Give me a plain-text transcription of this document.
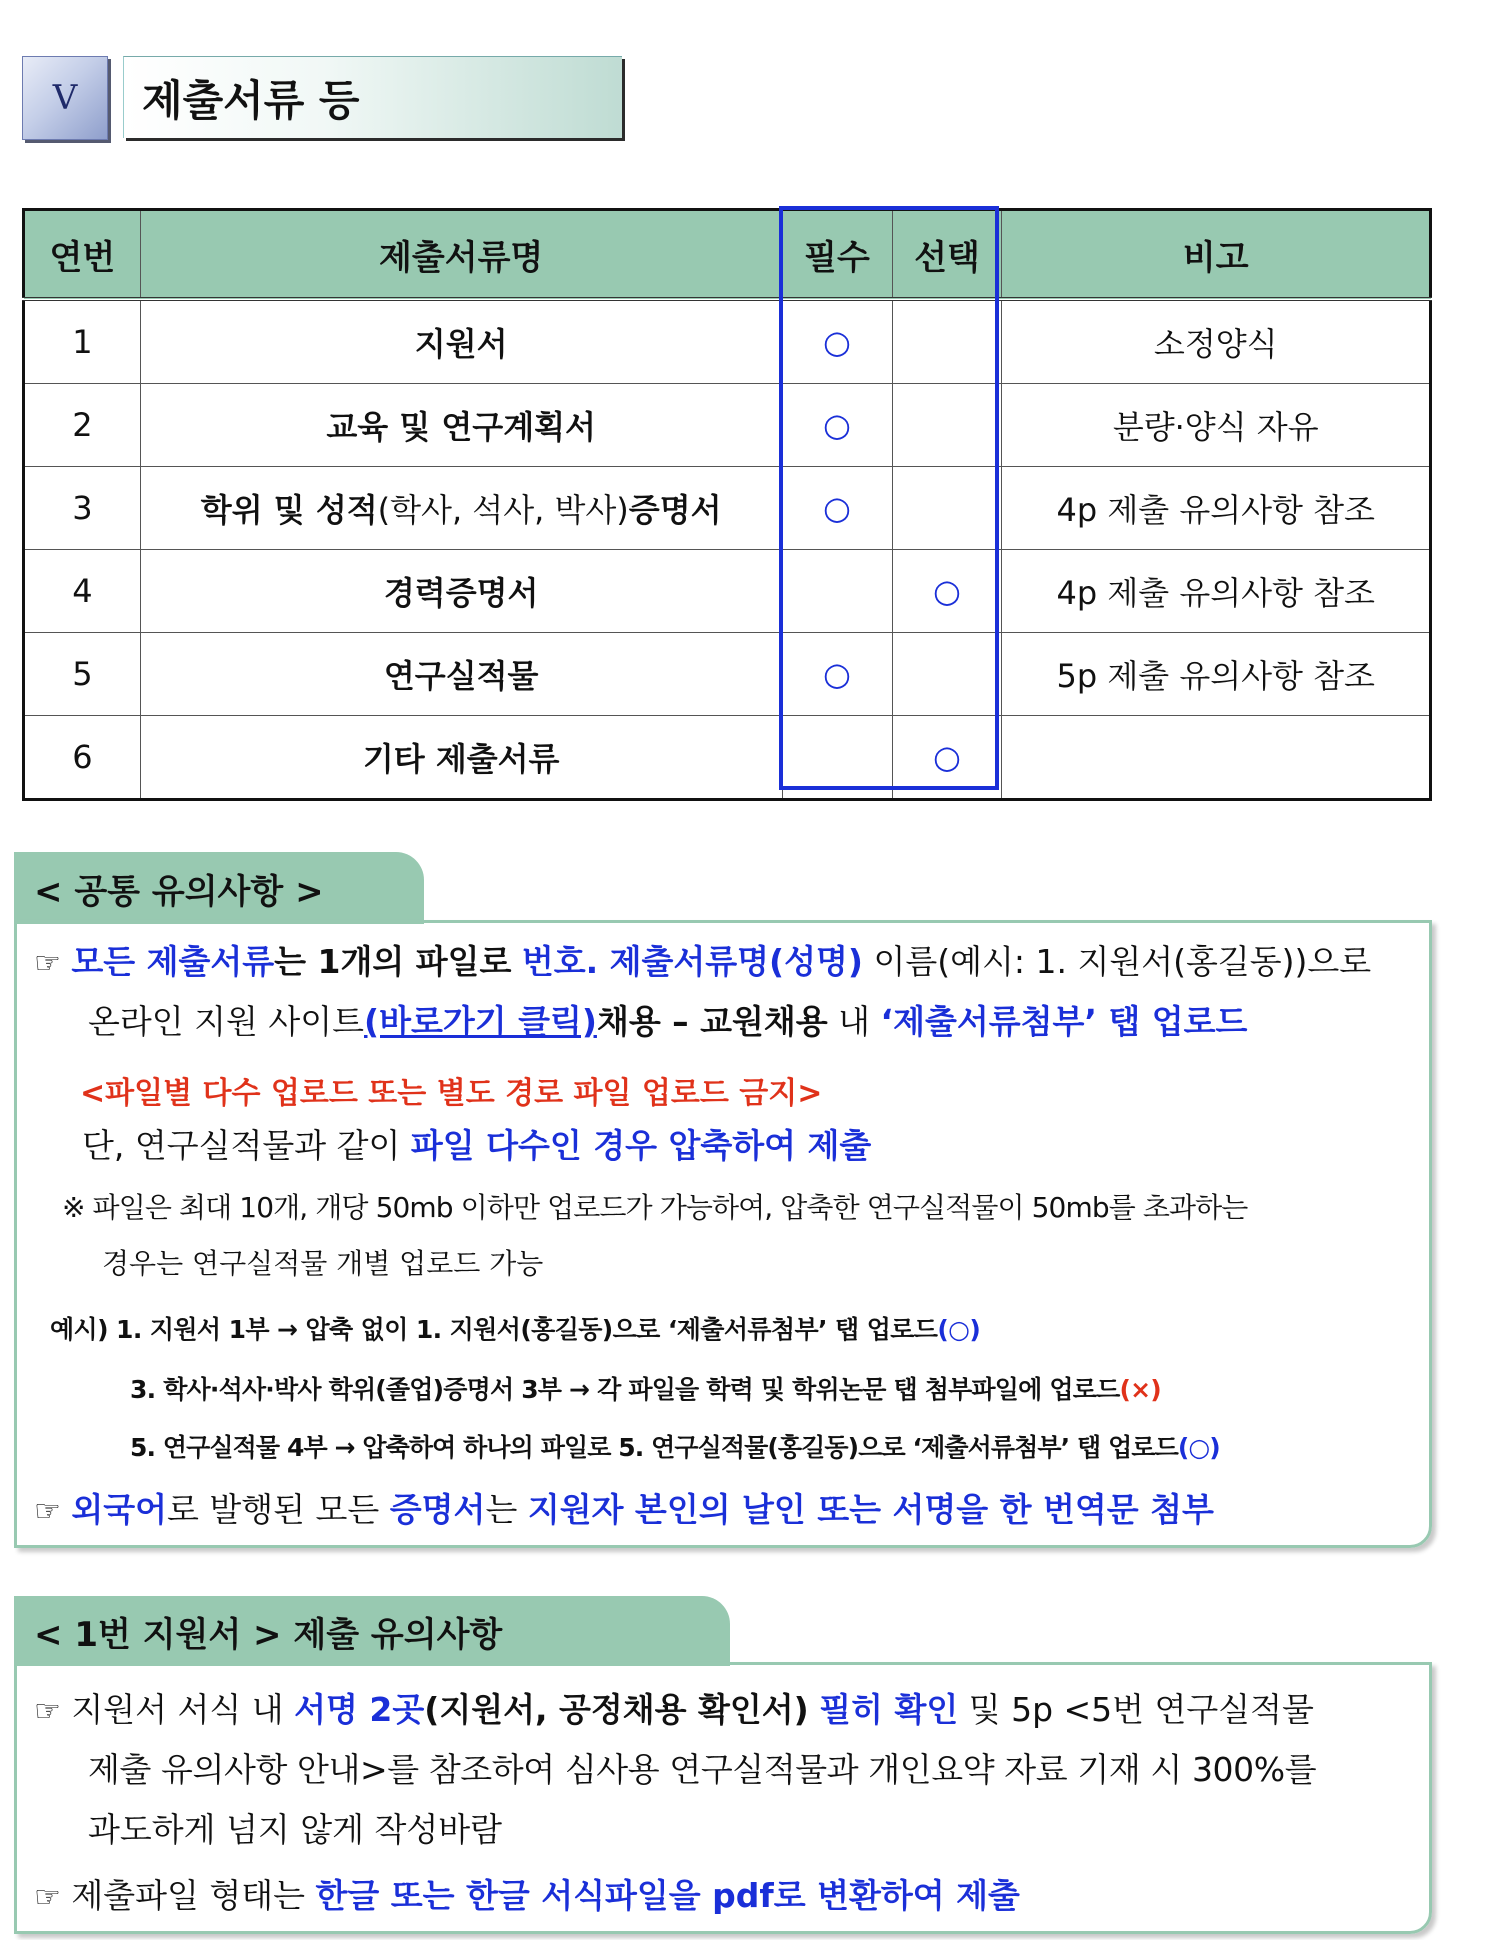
V	제출서류 등
연번	제출서류명	필수	선택	비고
1	지원서	○		소정양식
2	교육 및 연구계획서	○		분량·양식 자유
3	학위 및 성적(학사, 석사, 박사)증명서	○		4p 제출 유의사항 참조
4	경력증명서		○	4p 제출 유의사항 참조
5	연구실적물	○		5p 제출 유의사항 참조
6	기타 제출서류		○	
< 공통 유의사항 >
☞ 모든 제출서류는 1개의 파일로 번호. 제출서류명(성명) 이름(예시: 1. 지원서(홍길동))으로
온라인 지원 사이트(바로가기 클릭)채용 – 교원채용 내 ‘제출서류첨부’ 탭 업로드
<파일별 다수 업로드 또는 별도 경로 파일 업로드 금지>
단, 연구실적물과 같이 파일 다수인 경우 압축하여 제출
※ 파일은 최대 10개, 개당 50mb 이하만 업로드가 가능하여, 압축한 연구실적물이 50mb를 초과하는
경우는 연구실적물 개별 업로드 가능
예시) 1. 지원서 1부 → 압축 없이 1. 지원서(홍길동)으로 ‘제출서류첨부’ 탭 업로드(○)
3. 학사·석사·박사 학위(졸업)증명서 3부 → 각 파일을 학력 및 학위논문 탭 첨부파일에 업로드(×)
5. 연구실적물 4부 → 압축하여 하나의 파일로 5. 연구실적물(홍길동)으로 ‘제출서류첨부’ 탭 업로드(○)
☞ 외국어로 발행된 모든 증명서는 지원자 본인의 날인 또는 서명을 한 번역문 첨부
< 1번 지원서 > 제출 유의사항
☞ 지원서 서식 내 서명 2곳(지원서, 공정채용 확인서) 필히 확인 및 5p <5번 연구실적물
제출 유의사항 안내>를 참조하여 심사용 연구실적물과 개인요약 자료 기재 시 300%를
과도하게 넘지 않게 작성바람
☞ 제출파일 형태는 한글 또는 한글 서식파일을 pdf로 변환하여 제출
